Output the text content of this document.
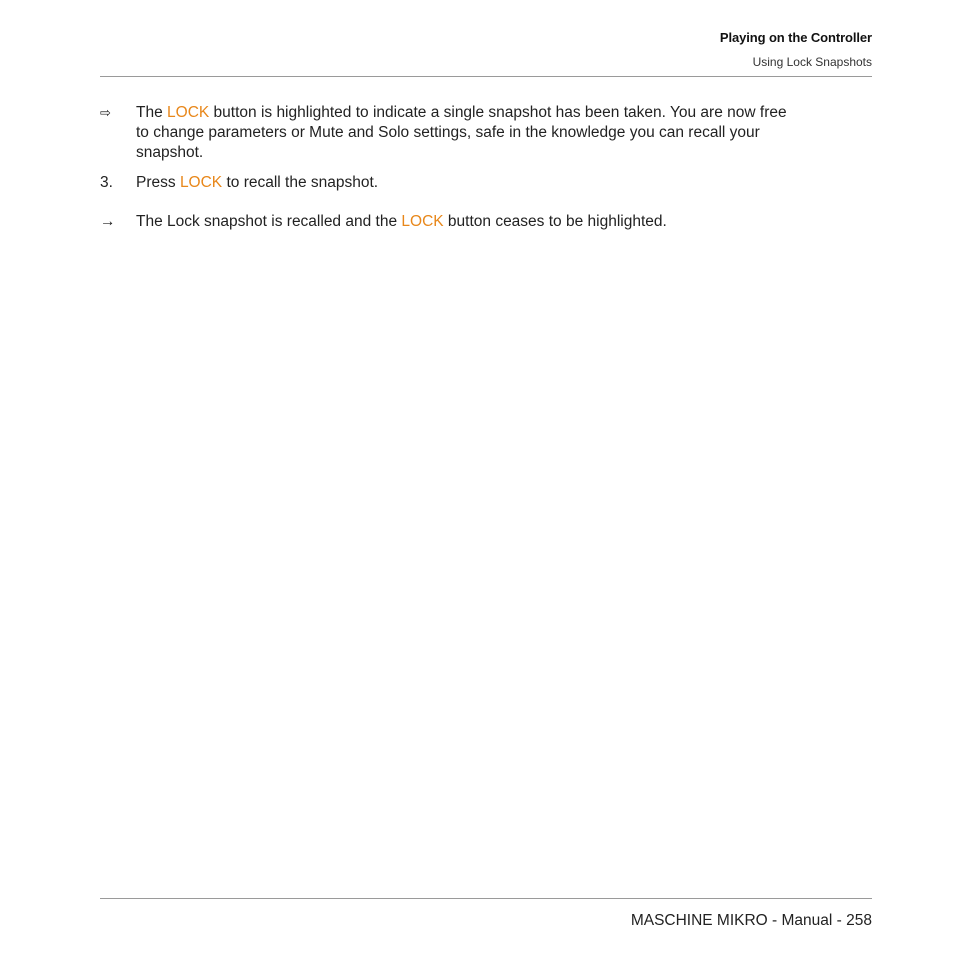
Playing on the Controller
Using Lock Snapshots
⇨	The LOCK button is highlighted to indicate a single snapshot has been taken. You are now free to change parameters or Mute and Solo settings, safe in the knowledge you can recall your snapshot.
3.	Press LOCK to recall the snapshot.
→	The Lock snapshot is recalled and the LOCK button ceases to be highlighted.
MASCHINE MIKRO - Manual - 258
